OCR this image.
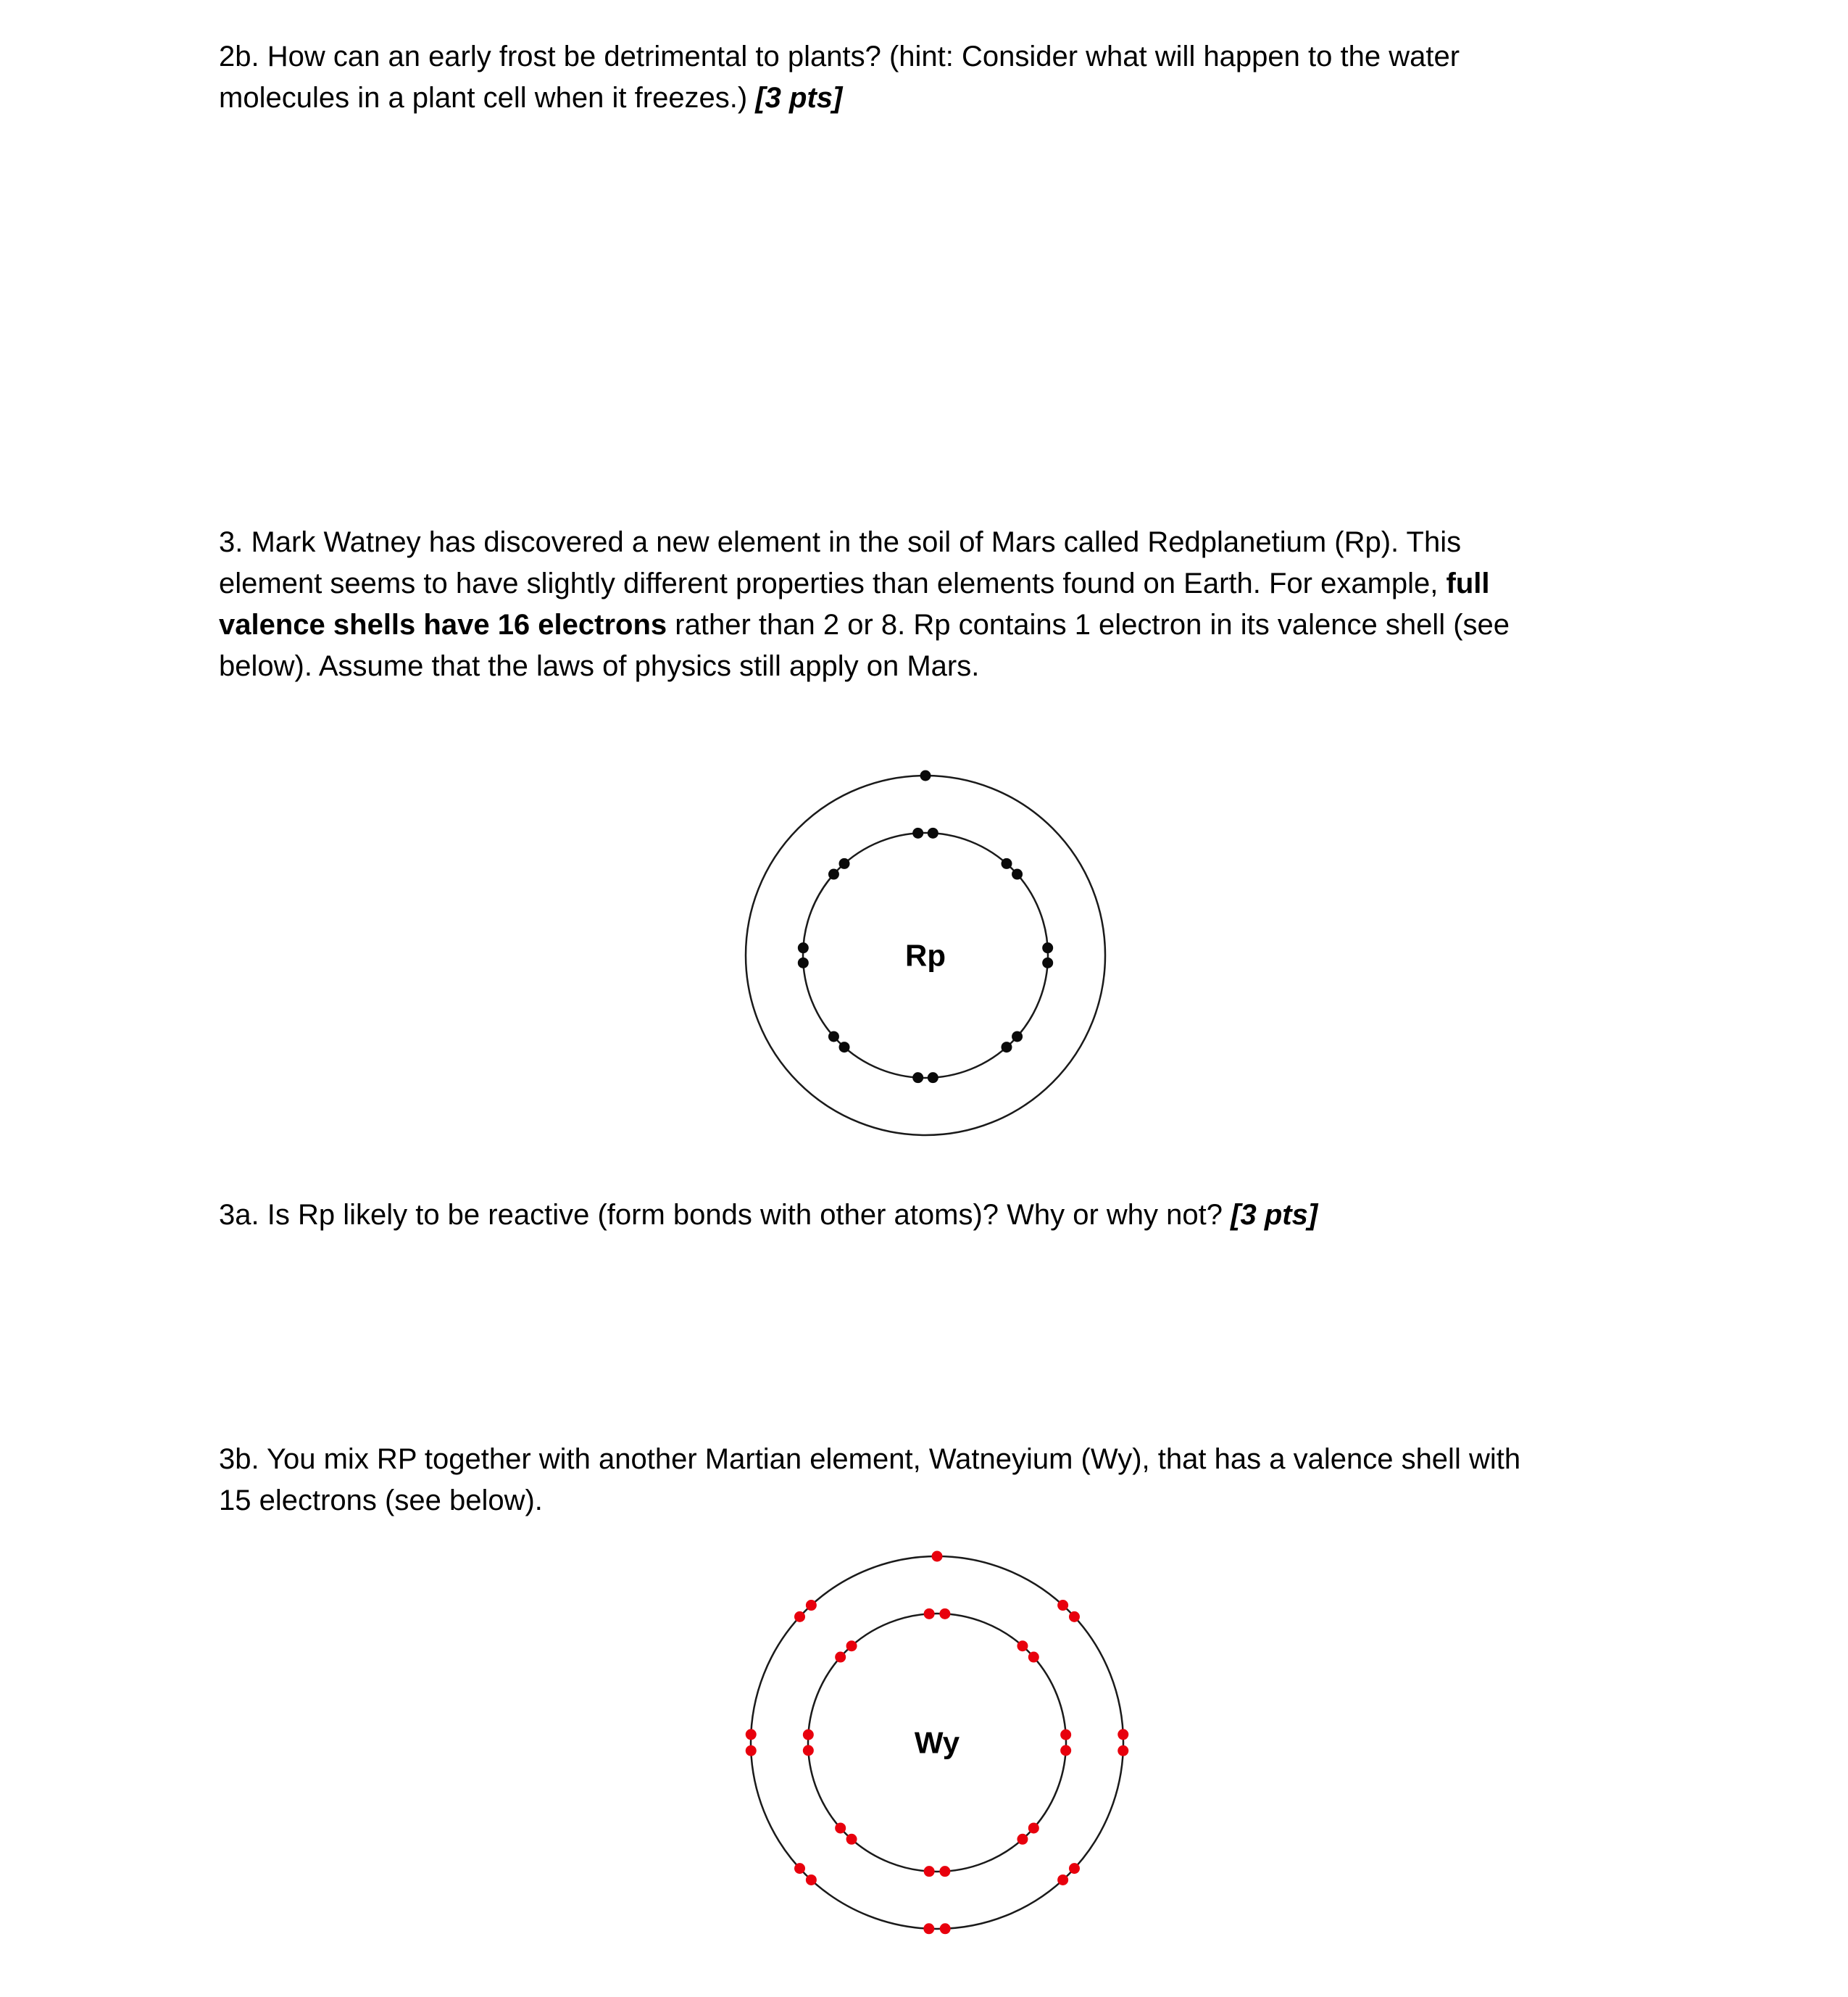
2b. How can an early frost be detrimental to plants? (hint: Consider what will happen to the water
molecules in a plant cell when it freezes.) [3 pts]
3. Mark Watney has discovered a new element in the soil of Mars called Redplanetium (Rp). This
element seems to have slightly different properties than elements found on Earth. For example, full
valence shells have 16 electrons rather than 2 or 8. Rp contains 1 electron in its valence shell (see
below). Assume that the laws of physics still apply on Mars.
Rp
3a. Is Rp likely to be reactive (form bonds with other atoms)? Why or why not? [3 pts]
3b. You mix RP together with another Martian element, Watneyium (Wy), that has a valence shell with
15 electrons (see below).
Wy
